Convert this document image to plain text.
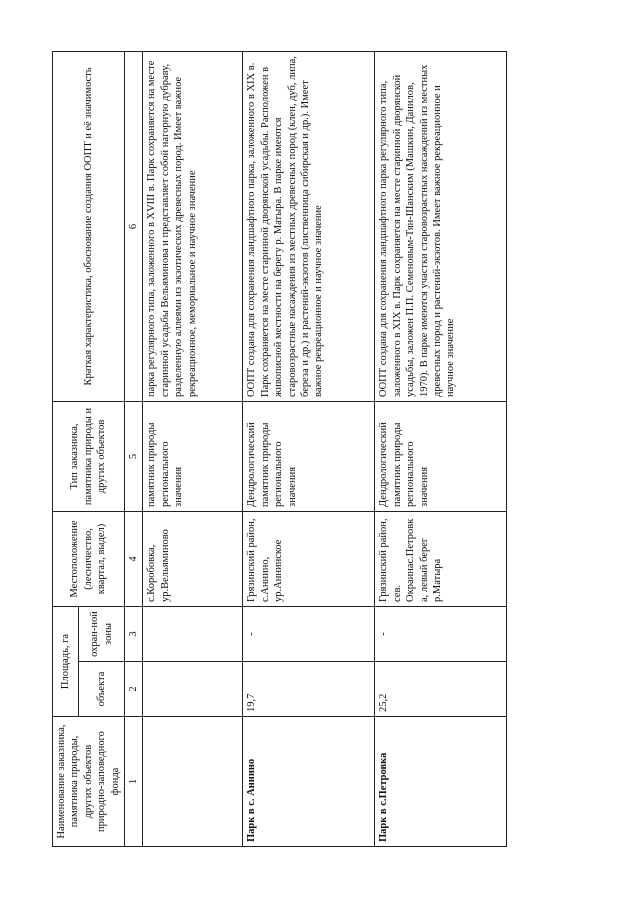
Наименование заказника, памятника природы, других объектов природно-заповедного фонда	Площадь, га		Местоположение (лесничество, квартал, выдел)	Тип заказника, памятника природы и других объектов	Краткая характеристика, обоснование создания ООПТ и её значимость
	объекта	охран-ной зоны			
1	2	3	4	5	6
			с.Коробовка, ур.Вельяминово	памятник природы регионального значения	парка регулярного типа, заложенного в XVIII в. Парк сохраняется на месте старинной усадьбы Вельяминова и представляет собой нагорную дубраву, разделенную аллеями из экзотических древесных пород. Имеет важное рекреационное, мемориальное и научное значение
Парк в с. Аннино	19,7	-	Грязинский район, с.Аннино, ур.Аннинское	Дендрологический памятник природы регионального значения	ООПТ создана для сохранения ландшафтного парка, заложенного в XIX в. Парк сохраняется на месте старинной дворянской усадьбы. Расположен в живописной местности на берегу р. Матыра. В парке имеются старовозрастные насаждения из местных древесных пород (клен, дуб, липа, береза и др.) и растений-экзотов (лиственница сибирская и др.). Имеет важное рекреационное и научное значение
Парк в с.Петровка	25,2	-	Грязинский район, сев. Окраинас.Петровк а, левый берег р.Матыра	Дендрологический памятник природы регионального значения	ООПТ создана для сохранения ландшафтного парка регулярного типа, заложенного в XIX в. Парк сохраняется на месте старинной дворянской усадьбы, заложен П.П. Семеновым-Тян-Шанским (Машкин, Данилов, 1970). В парке имеются участки старовозрастных насаждений из местных древесных пород и растений-экзотов. Имеет важное рекреационное и научное значение
